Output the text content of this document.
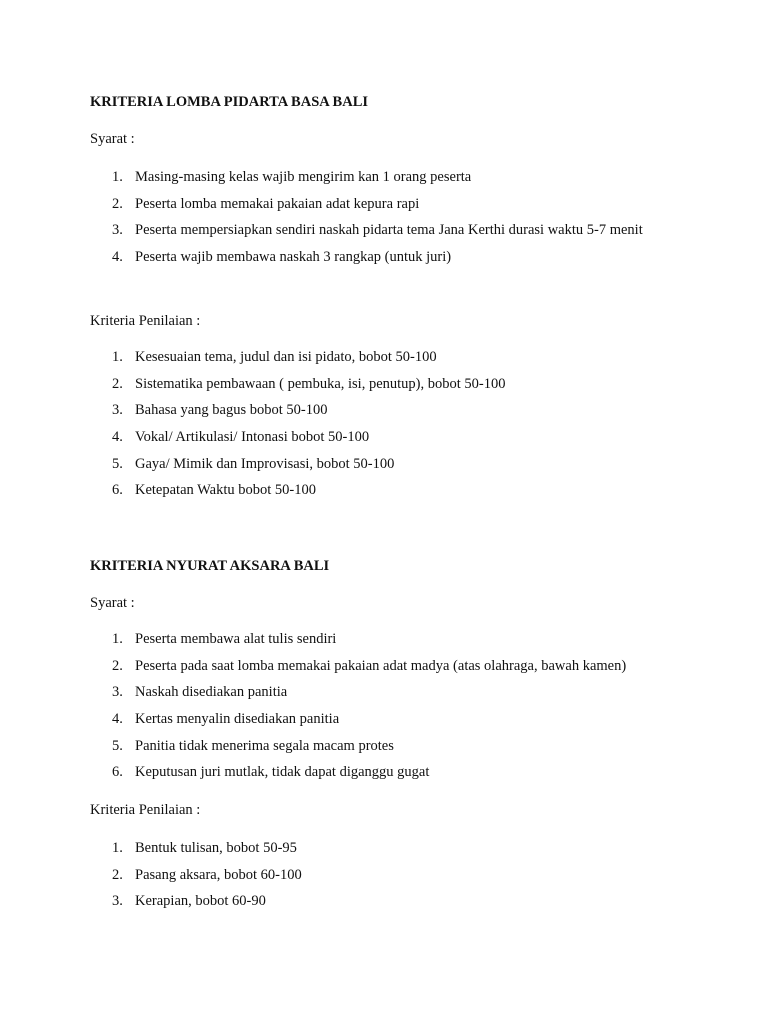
KRITERIA LOMBA PIDARTA BASA BALI

Syarat :

1. Masing-masing kelas wajib mengirim kan 1 orang peserta
2. Peserta lomba memakai pakaian adat kepura rapi
3. Peserta mempersiapkan sendiri naskah pidarta tema Jana Kerthi durasi waktu 5-7 menit
4. Peserta wajib membawa naskah 3 rangkap (untuk juri)

Kriteria Penilaian :

1. Kesesuaian tema, judul dan isi pidato, bobot 50-100
2. Sistematika pembawaan ( pembuka, isi, penutup), bobot 50-100
3. Bahasa yang bagus bobot 50-100
4. Vokal/ Artikulasi/ Intonasi bobot 50-100
5. Gaya/ Mimik dan Improvisasi, bobot 50-100
6. Ketepatan Waktu bobot 50-100
KRITERIA NYURAT AKSARA BALI

Syarat :

1. Peserta membawa alat tulis sendiri
2. Peserta pada saat lomba memakai pakaian adat madya (atas olahraga, bawah kamen)
3. Naskah disediakan panitia
4. Kertas menyalin disediakan panitia
5. Panitia tidak menerima segala macam protes
6. Keputusan juri mutlak, tidak dapat diganggu gugat

Kriteria Penilaian :

1. Bentuk tulisan, bobot 50-95
2. Pasang aksara, bobot 60-100
3. Kerapian, bobot 60-90
